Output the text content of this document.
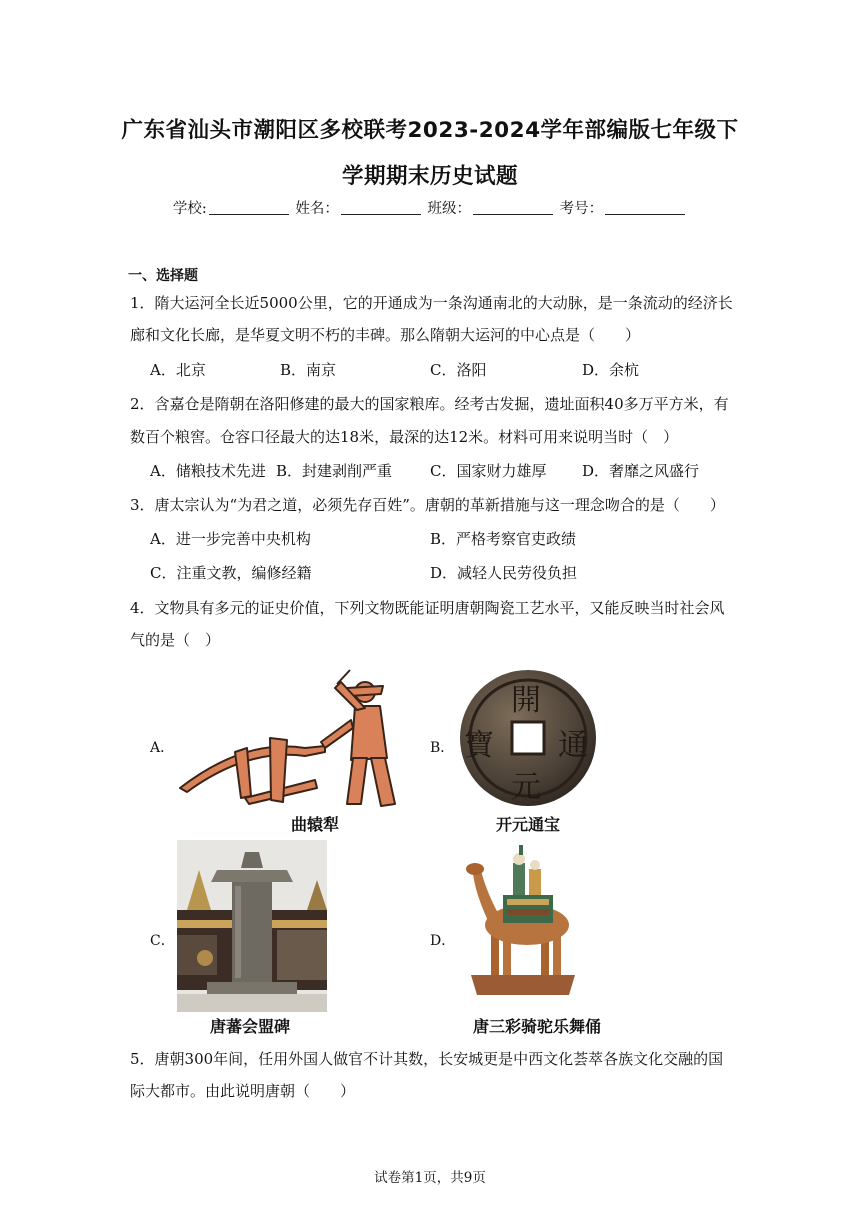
广东省汕头市潮阳区多校联考2023-2024学年部编版七年级下
学期期末历史试题
学校:	姓名：	班级：	考号：
一、选择题
1．隋大运河全长近5000公里，它的开通成为一条沟通南北的大动脉，是一条流动的经济长
廊和文化长廊，是华夏文明不朽的丰碑。那么隋朝大运河的中心点是（　　）
A．北京	B．南京	C．洛阳	D．余杭
2．含嘉仓是隋朝在洛阳修建的最大的国家粮库。经考古发掘，遗址面积40多万平方米，有
数百个粮窖。仓容口径最大的达18米，最深的达12米。材料可用来说明当时（　）
A．储粮技术先进 B．封建剥削严重	C．国家财力雄厚 D．奢靡之风盛行
3．唐太宗认为“为君之道，必须先存百姓”。唐朝的革新措施与这一理念吻合的是（　　）
A．进一步完善中央机构	B．严格考察官吏政绩
C．注重文教，编修经籍	D．减轻人民劳役负担
4．文物具有多元的证史价值，下列文物既能证明唐朝陶瓷工艺水平，又能反映当时社会风
气的是（　）
A．	B．
C．	D．
曲辕犁
開
通
元
寶
开元通宝
唐蕃会盟碑	唐三彩骑驼乐舞俑
5．唐朝300年间，任用外国人做官不计其数，长安城更是中西文化荟萃各族文化交融的国
际大都市。由此说明唐朝（　　）
试卷第1页，共9页
